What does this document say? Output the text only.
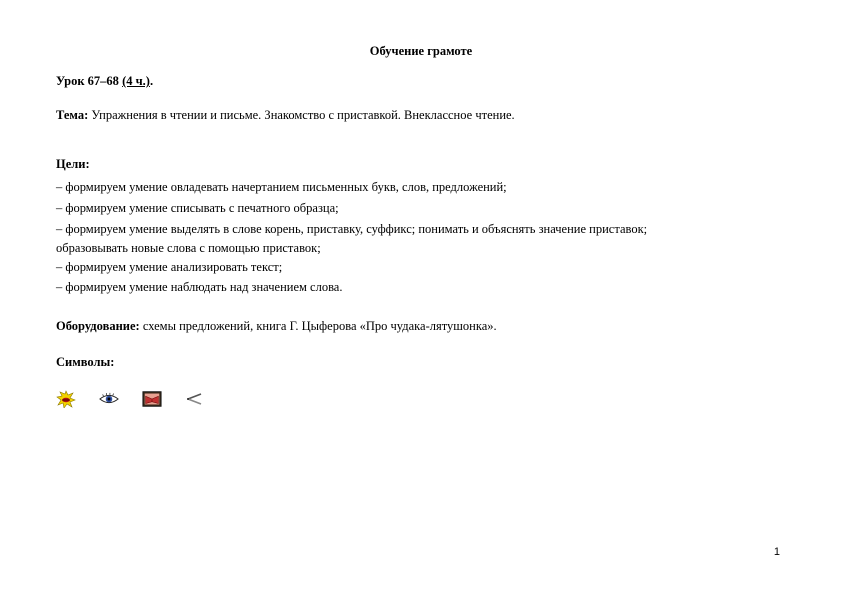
Обучение грамоте
Урок 67–68 (4 ч.).
Тема: Упражнения в чтении и письме. Знакомство с приставкой. Внеклассное чтение.
Цели:
– формируем умение овладевать начертанием письменных букв, слов, предложений;
– формируем умение списывать с печатного образца;
– формируем умение выделять в слове корень, приставку, суффикс; понимать и объяснять значение приставок;
образовывать новые слова с помощью приставок;
– формируем умение анализировать текст;
– формируем умение наблюдать над значением слова.
Оборудование: схемы предложений, книга Г. Цыферова «Про чудака-лятушонка».
Символы:
1
